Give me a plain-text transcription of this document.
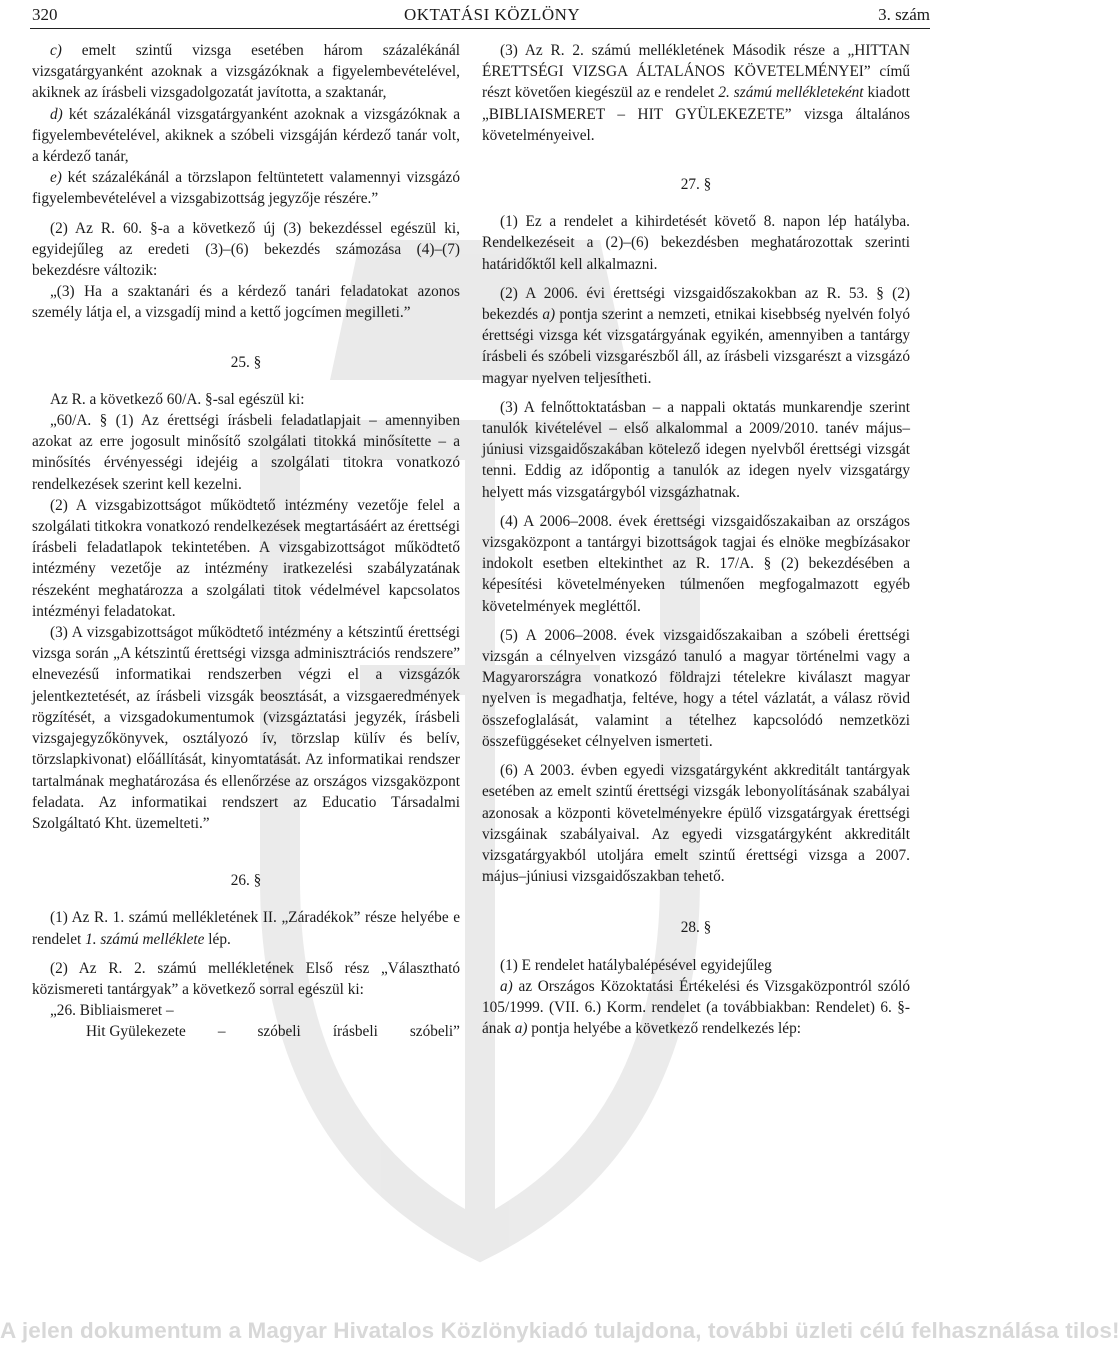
320	OKTATÁSI KÖZLÖNY	3. szám

c) emelt szintű vizsga esetében három százalékánál vizsgatárgyanként azoknak a vizsgázóknak a figyelembevételével, akiknek az írásbeli vizsgadolgozatát javította, a szaktanár,

d) két százalékánál vizsgatárgyanként azoknak a vizsgázóknak a figyelembevételével, akiknek a szóbeli vizsgáján kérdező tanár volt, a kérdező tanár,

e) két százalékánál a törzslapon feltüntetett valamennyi vizsgázó figyelembevételével a vizsgabizottság jegyzője részére.”

(2) Az R. 60. §-a a következő új (3) bekezdéssel egészül ki, egyidejűleg az eredeti (3)–(6) bekezdés számozása (4)–(7) bekezdésre változik:

„(3) Ha a szaktanári és a kérdező tanári feladatokat azonos személy látja el, a vizsgadíj mind a kettő jogcímen megilleti.”

25. §

Az R. a következő 60/A. §-sal egészül ki:

„60/A. § (1) Az érettségi írásbeli feladatlapjait – amennyiben azokat az erre jogosult minősítő szolgálati titokká minősítette – a minősítés érvényességi idejéig a szolgálati titokra vonatkozó rendelkezések szerint kell kezelni.

(2) A vizsgabizottságot működtető intézmény vezetője felel a szolgálati titkokra vonatkozó rendelkezések megtartásáért az érettségi írásbeli feladatlapok tekintetében. A vizsgabizottságot működtető intézmény vezetője az intézmény iratkezelési szabályzatának részeként meghatározza a szolgálati titok védelmével kapcsolatos intézményi feladatokat.

(3) A vizsgabizottságot működtető intézmény a kétszintű érettségi vizsga során „A kétszintű érettségi vizsga adminisztrációs rendszere” elnevezésű informatikai rendszerben végzi el a vizsgázók jelentkeztetését, az írásbeli vizsgák beosztását, a vizsgaeredmények rögzítését, a vizsgadokumentumok (vizsgáztatási jegyzék, írásbeli vizsgajegyzőkönyvek, osztályozó ív, törzslap külív és belív, törzslapkivonat) előállítását, kinyomtatását. Az informatikai rendszer tartalmának meghatározása és ellenőrzése az országos vizsgaközpont feladata. Az informatikai rendszert az Educatio Társadalmi Szolgáltató Kht. üzemelteti.”

26. §

(1) Az R. 1. számú mellékletének II. „Záradékok” része helyébe e rendelet 1. számú melléklete lép.

(2) Az R. 2. számú mellékletének Első rész „Választható közismereti tantárgyak” a következő sorral egészül ki:

„26. Bibliaismeret –

Hit Gyülekezete – szóbeli írásbeli szóbeli”

(3) Az R. 2. számú mellékletének Második része a „HITTAN ÉRETTSÉGI VIZSGA ÁLTALÁNOS KÖVETELMÉNYEI” című részt követően kiegészül az e rendelet 2. számú mellékleteként kiadott „BIBLIAISMERET – HIT GYÜLEKEZETE” vizsga általános követelményeivel.

27. §

(1) Ez a rendelet a kihirdetését követő 8. napon lép hatályba. Rendelkezéseit a (2)–(6) bekezdésben meghatározottak szerinti határidőktől kell alkalmazni.

(2) A 2006. évi érettségi vizsgaidőszakokban az R. 53. § (2) bekezdés a) pontja szerint a nemzeti, etnikai kisebbség nyelvén folyó érettségi vizsga két vizsgatárgyának egyikén, amennyiben a tantárgy írásbeli és szóbeli vizsgarészből áll, az írásbeli vizsgarészt a vizsgázó magyar nyelven teljesítheti.

(3) A felnőttoktatásban – a nappali oktatás munkarendje szerint tanulók kivételével – első alkalommal a 2009/2010. tanév május–júniusi vizsgaidőszakában kötelező idegen nyelvből érettségi vizsgát tenni. Eddig az időpontig a tanulók az idegen nyelv vizsgatárgy helyett más vizsgatárgyból vizsgázhatnak.

(4) A 2006–2008. évek érettségi vizsgaidőszakaiban az országos vizsgaközpont a tantárgyi bizottságok tagjai és elnöke megbízásakor indokolt esetben eltekinthet az R. 17/A. § (2) bekezdésében a képesítési követelményeken túlmenően megfogalmazott egyéb követelmények megléttől.

(5) A 2006–2008. évek vizsgaidőszakaiban a szóbeli érettségi vizsgán a célnyelven vizsgázó tanuló a magyar történelmi vagy a Magyarországra vonatkozó földrajzi tételekre kiválaszt magyar nyelven is megadhatja, feltéve, hogy a tétel vázlatát, a válasz rövid összefoglalását, valamint a tételhez kapcsolódó nemzetközi összefüggéseket célnyelven ismerteti.

(6) A 2003. évben egyedi vizsgatárgyként akkreditált tantárgyak esetében az emelt szintű érettségi vizsgák lebonyolításának szabályai azonosak a központi követelményekre épülő vizsgatárgyak érettségi vizsgáinak szabályaival. Az egyedi vizsgatárgyként akkreditált vizsgatárgyakból utoljára emelt szintű érettségi vizsga a 2007. május–júniusi vizsgaidőszakban tehető.

28. §

(1) E rendelet hatálybalépésével egyidejűleg

a) az Országos Közoktatási Értékelési és Vizsgaközpontról szóló 105/1999. (VII. 6.) Korm. rendelet (a továbbiakban: Rendelet) 6. §-ának a) pontja helyébe a következő rendelkezés lép:

A jelen dokumentum a Magyar Hivatalos Közlönykiadó tulajdona, további üzleti célú felhasználása tilos!
